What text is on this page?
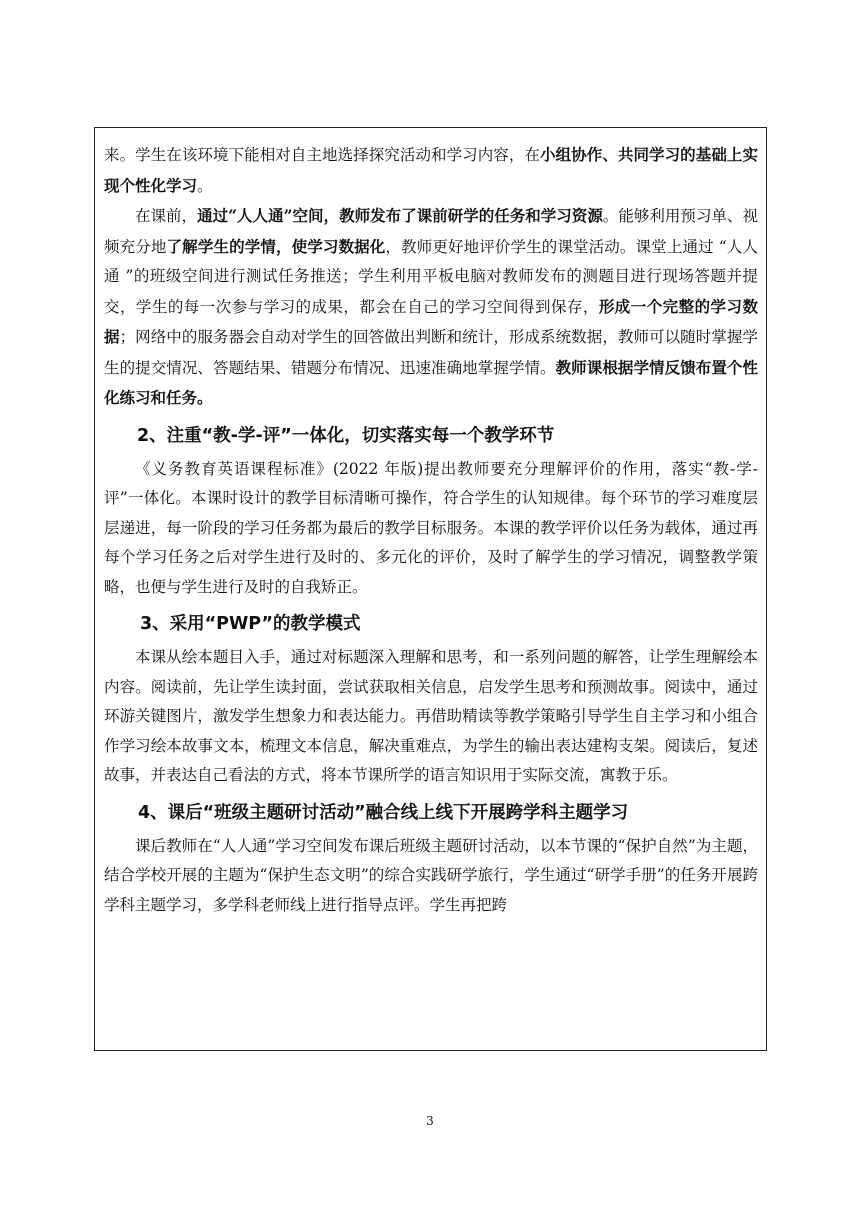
来。学生在该环境下能相对自主地选择探究活动和学习内容，在小组协作、共同学习的基础上实现个性化学习。

在课前，通过“人人通”空间，教师发布了课前研学的任务和学习资源。能够利用预习单、视频充分地了解学生的学情，使学习数据化，教师更好地评价学生的课堂活动。课堂上通过 “人人通 ”的班级空间进行测试任务推送；学生利用平板电脑对教师发布的测题目进行现场答题并提交，学生的每一次参与学习的成果，都会在自己的学习空间得到保存，形成一个完整的学习数据；网络中的服务器会自动对学生的回答做出判断和统计，形成系统数据，教师可以随时掌握学生的提交情况、答题结果、错题分布情况、迅速准确地掌握学情。教师课根据学情反馈布置个性化练习和任务。

2、注重“教-学-评”一体化，切实落实每一个教学环节

《义务教育英语课程标准》(2022 年版)提出教师要充分理解评价的作用，落实“教-学-评”一体化。本课时设计的教学目标清晰可操作，符合学生的认知规律。每个环节的学习难度层层递进，每一阶段的学习任务都为最后的教学目标服务。本课的教学评价以任务为载体，通过再每个学习任务之后对学生进行及时的、多元化的评价，及时了解学生的学习情况，调整教学策略，也便与学生进行及时的自我矫正。

3、采用“PWP”的教学模式

本课从绘本题目入手，通过对标题深入理解和思考，和一系列问题的解答，让学生理解绘本内容。阅读前，先让学生读封面，尝试获取相关信息，启发学生思考和预测故事。阅读中，通过环游关键图片，激发学生想象力和表达能力。再借助精读等教学策略引导学生自主学习和小组合作学习绘本故事文本，梳理文本信息，解决重难点，为学生的输出表达建构支架。阅读后，复述故事，并表达自己看法的方式，将本节课所学的语言知识用于实际交流，寓教于乐。

4、课后“班级主题研讨活动”融合线上线下开展跨学科主题学习

课后教师在“人人通”学习空间发布课后班级主题研讨活动，以本节课的“保护自然”为主题，结合学校开展的主题为“保护生态文明”的综合实践研学旅行，学生通过“研学手册”的任务开展跨学科主题学习，多学科老师线上进行指导点评。学生再把跨

3
